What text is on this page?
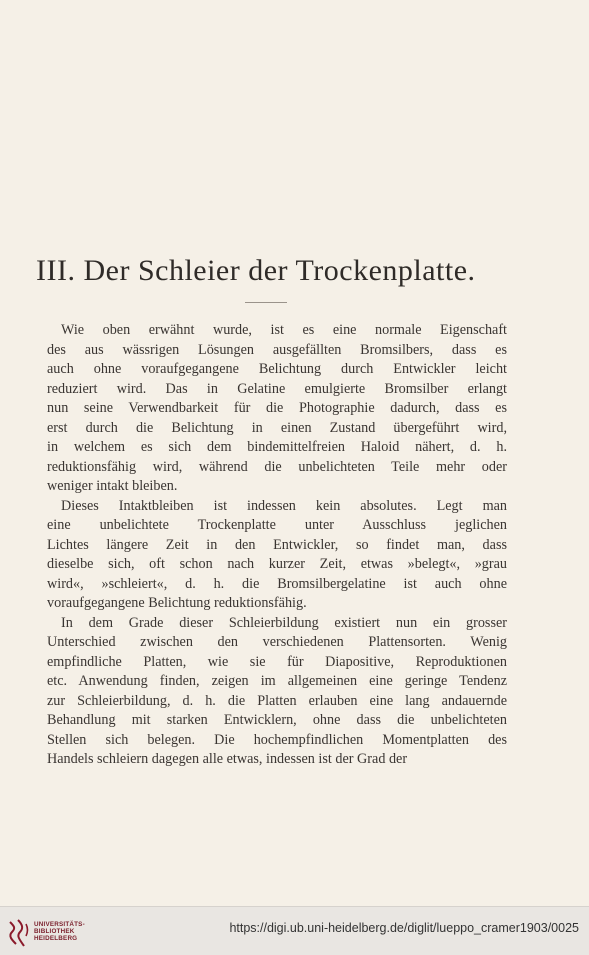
III. Der Schleier der Trockenplatte.
Wie oben erwähnt wurde, ist es eine normale Eigenschaft
des aus wässrigen Lösungen ausgefällten Bromsilbers, dass es
auch ohne voraufgegangene Belichtung durch Entwickler leicht
reduziert wird. Das in Gelatine emulgierte Bromsilber erlangt
nun seine Verwendbarkeit für die Photographie dadurch, dass es
erst durch die Belichtung in einen Zustand übergeführt wird,
in welchem es sich dem bindemittelfreien Haloid nähert, d. h.
reduktionsfähig wird, während die unbelichteten Teile mehr oder
weniger intakt bleiben.
Dieses Intaktbleiben ist indessen kein absolutes. Legt man
eine unbelichtete Trockenplatte unter Ausschluss jeglichen
Lichtes längere Zeit in den Entwickler, so findet man, dass
dieselbe sich, oft schon nach kurzer Zeit, etwas »belegt«, »grau
wird«, »schleiert«, d. h. die Bromsilbergelatine ist auch ohne
voraufgegangene Belichtung reduktionsfähig.
In dem Grade dieser Schleierbildung existiert nun ein grosser
Unterschied zwischen den verschiedenen Plattensorten. Wenig
empfindliche Platten, wie sie für Diapositive, Reproduktionen
etc. Anwendung finden, zeigen im allgemeinen eine geringe Tendenz
zur Schleierbildung, d. h. die Platten erlauben eine lang andauernde
Behandlung mit starken Entwicklern, ohne dass die unbelichteten
Stellen sich belegen. Die hochempfindlichen Momentplatten des
Handels schleiern dagegen alle etwas, indessen ist der Grad der
UNIVERSITÄTS-
BIBLIOTHEK
HEIDELBERG
https://digi.ub.uni-heidelberg.de/diglit/lueppo_cramer1903/0025
